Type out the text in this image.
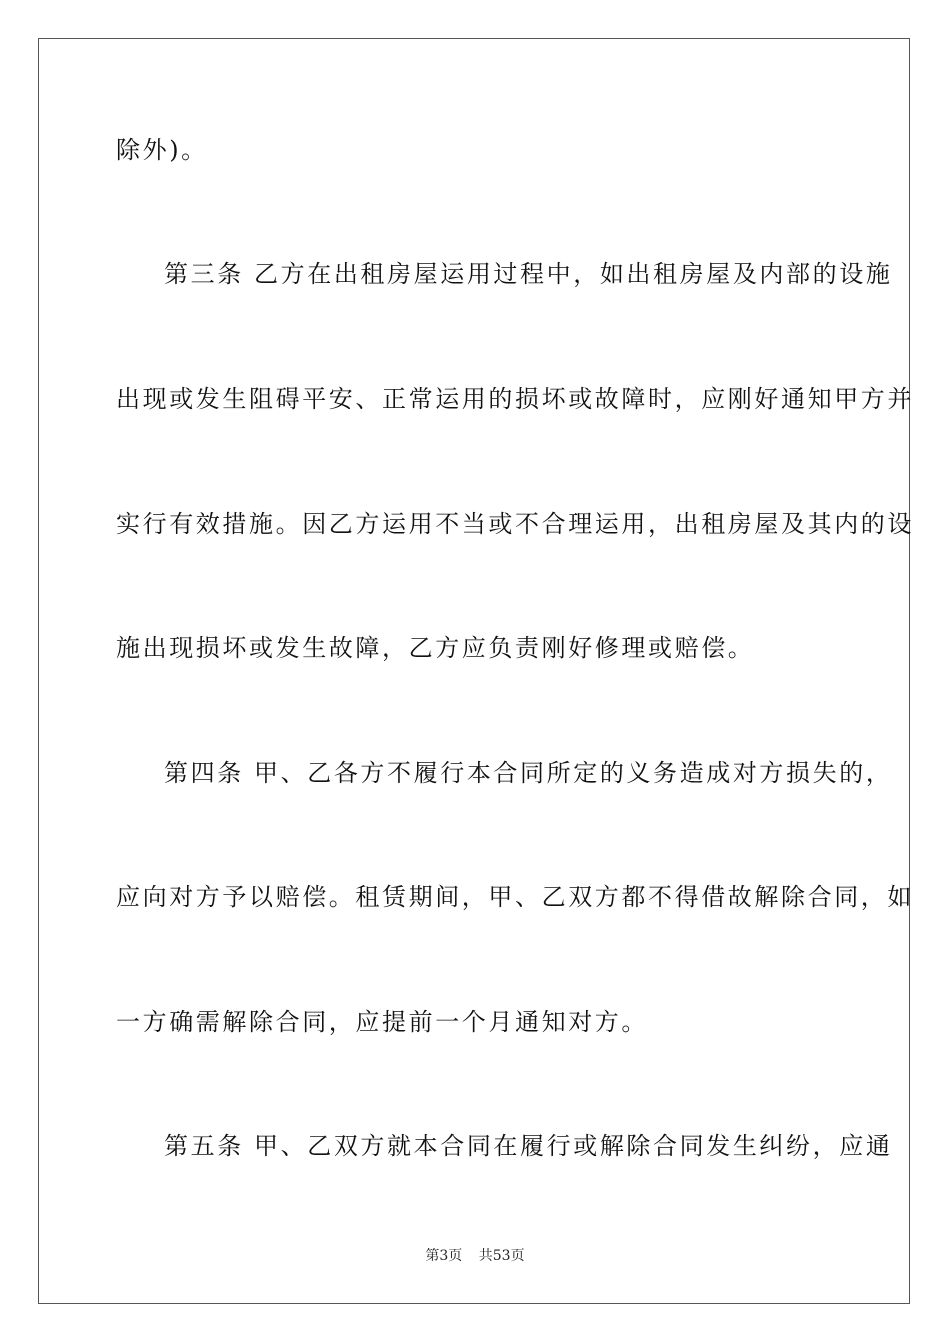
除外)。
第三条 乙方在出租房屋运用过程中，如出租房屋及内部的设施
出现或发生阻碍平安、正常运用的损坏或故障时，应刚好通知甲方并
实行有效措施。因乙方运用不当或不合理运用，出租房屋及其内的设
施出现损坏或发生故障，乙方应负责刚好修理或赔偿。
第四条 甲、乙各方不履行本合同所定的义务造成对方损失的，
应向对方予以赔偿。租赁期间，甲、乙双方都不得借故解除合同，如
一方确需解除合同，应提前一个月通知对方。
第五条 甲、乙双方就本合同在履行或解除合同发生纠纷，应通
第3页 共53页
